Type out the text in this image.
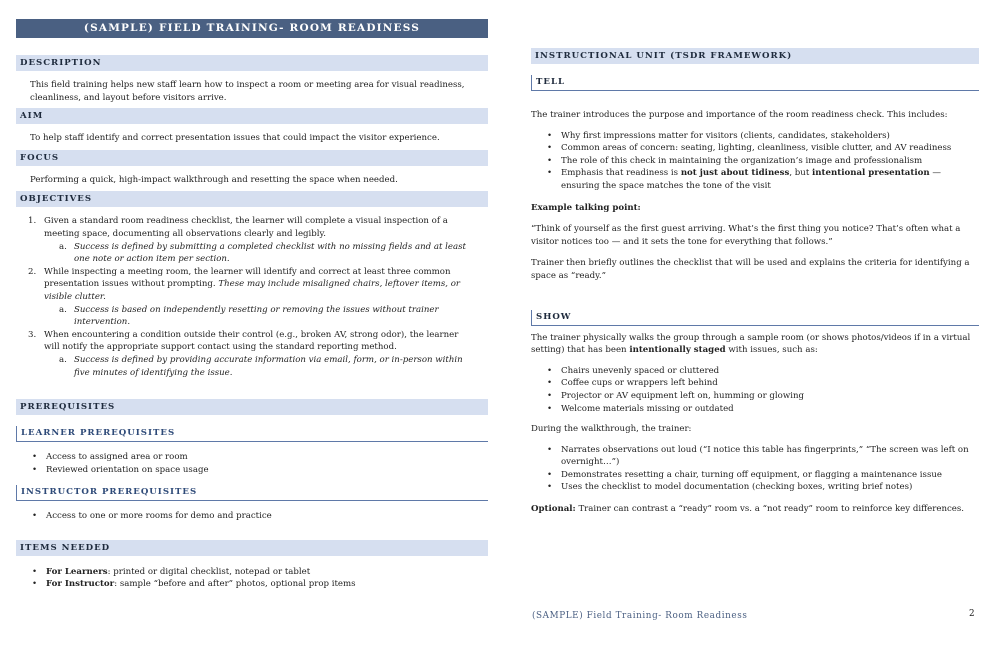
(SAMPLE) FIELD TRAINING- ROOM READINESS
DESCRIPTION

This field training helps new staff learn how to inspect a room or meeting area for visual readiness, cleanliness, and layout before visitors arrive.

AIM

To help staff identify and correct presentation issues that could impact the visitor experience.

FOCUS

Performing a quick, high-impact walkthrough and resetting the space when needed.

OBJECTIVES
1. Given a standard room readiness checklist, the learner will complete a visual inspection of a meeting space, documenting all observations clearly and legibly.
a. Success is defined by submitting a completed checklist with no missing fields and at least one note or action item per section.
2. While inspecting a meeting room, the learner will identify and correct at least three common presentation issues without prompting. These may include misaligned chairs, leftover items, or visible clutter.
a. Success is based on independently resetting or removing the issues without trainer intervention.
3. When encountering a condition outside their control (e.g., broken AV, strong odor), the learner will notify the appropriate support contact using the standard reporting method.
a. Success is defined by providing accurate information via email, form, or in-person within five minutes of identifying the issue.
PREREQUISITES
LEARNER PREREQUISITES
• Access to assigned area or room
• Reviewed orientation on space usage
INSTRUCTOR PREREQUISITES
• Access to one or more rooms for demo and practice
ITEMS NEEDED
• For Learners: printed or digital checklist, notepad or tablet
• For Instructor: sample “before and after” photos, optional prop items
INSTRUCTIONAL UNIT (TSDR FRAMEWORK)
TELL

The trainer introduces the purpose and importance of the room readiness check. This includes:

• Why first impressions matter for visitors (clients, candidates, stakeholders)
• Common areas of concern: seating, lighting, cleanliness, visible clutter, and AV readiness
• The role of this check in maintaining the organization’s image and professionalism
• Emphasis that readiness is not just about tidiness, but intentional presentation — ensuring the space matches the tone of the visit

Example talking point:

“Think of yourself as the first guest arriving. What’s the first thing you notice? That’s often what a visitor notices too — and it sets the tone for everything that follows.”

Trainer then briefly outlines the checklist that will be used and explains the criteria for identifying a space as “ready.”

SHOW

The trainer physically walks the group through a sample room (or shows photos/videos if in a virtual setting) that has been intentionally staged with issues, such as:

• Chairs unevenly spaced or cluttered
• Coffee cups or wrappers left behind
• Projector or AV equipment left on, humming or glowing
• Welcome materials missing or outdated

During the walkthrough, the trainer:

• Narrates observations out loud (“I notice this table has fingerprints,” “The screen was left on overnight…”)
• Demonstrates resetting a chair, turning off equipment, or flagging a maintenance issue
• Uses the checklist to model documentation (checking boxes, writing brief notes)

Optional: Trainer can contrast a “ready” room vs. a “not ready” room to reinforce key differences.

(SAMPLE) Field Training- Room Readiness	2
